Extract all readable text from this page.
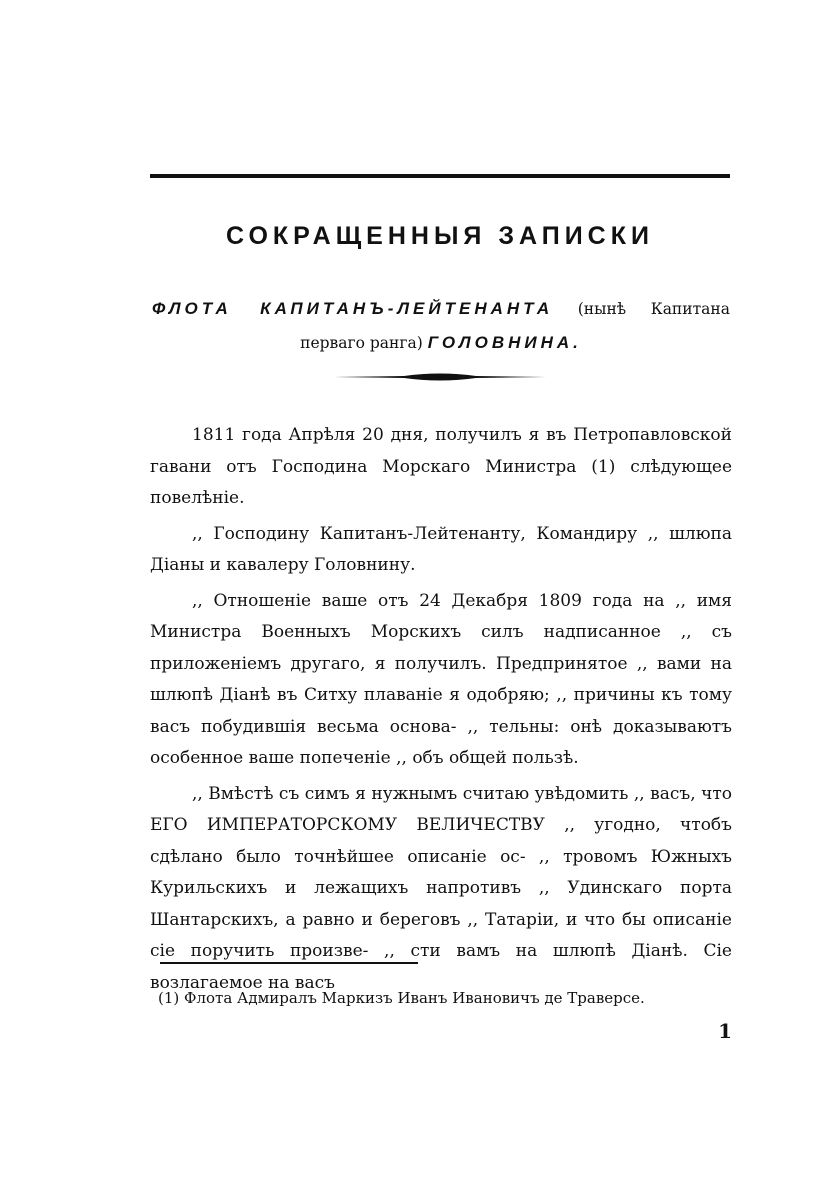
СОКРАЩЕННЫЯ ЗАПИСКИ
ФЛОТА КАПИТАНЪ-ЛЕЙТЕНАНТА (нынѣ Капитана перваго ранга) ГОЛОВНИНА.

1811 года Апрѣля 20 дня, получилъ я въ Петропавловской гавани отъ Господина Морскаго Министра (1) слѣдующее повелѣніе.

,, Господину Капитанъ-Лейтенанту, Командиру ,, шлюпа Діаны и кавалеру Головнину.

,, Отношеніе ваше отъ 24 Декабря 1809 года на ,, имя Министра Военныхъ Морскихъ силъ надписанное ,, съ приложеніемъ другаго, я получилъ. Предпринятое ,, вами на шлюпѣ Діанѣ въ Ситху плаваніе я одобряю; ,, причины къ тому васъ побудившія весьма основа- ,, тельны: онѣ доказываютъ особенное ваше попеченіе ,, объ общей пользѣ.

,, Вмѣстѣ съ симъ я нужнымъ считаю увѣдомить ,, васъ, что ЕГО ИМПЕРАТОРСКОМУ ВЕЛИЧЕСТВУ ,, угодно, чтобъ сдѣлано было точнѣйшее описаніе ос- ,, тровомъ Южныхъ Курильскихъ и лежащихъ напротивъ ,, Удинскаго порта Шантарскихъ, а равно и береговъ ,, Татаріи, и что бы описаніе сіе поручить произве- ,, сти вамъ на шлюпѣ Діанѣ. Сіе возлагаемое на васъ

(1) Флота Адмиралъ Маркизъ Иванъ Ивановичъ де Траверсе.

1
